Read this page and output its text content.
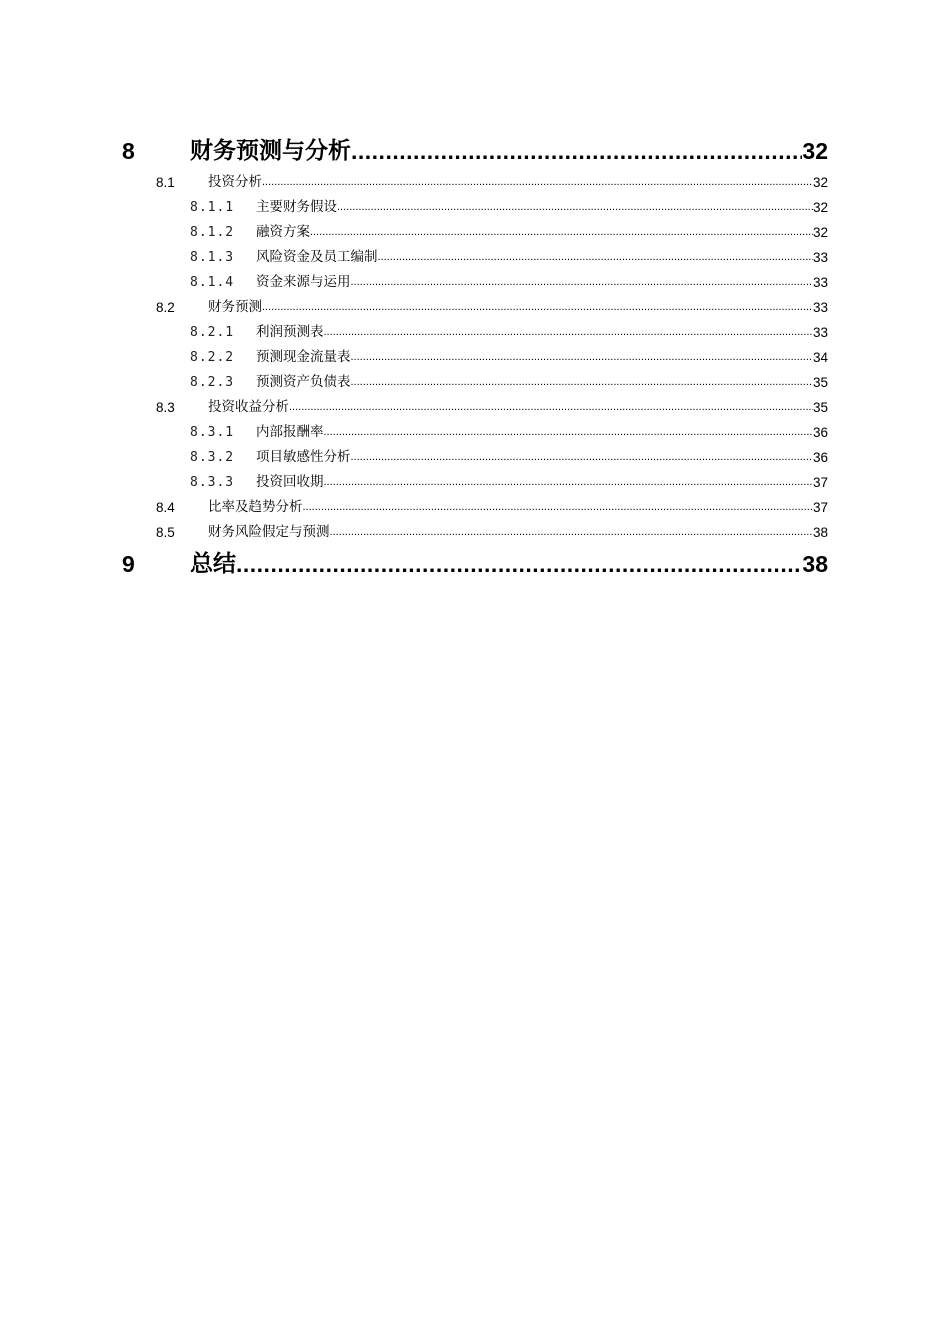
8	财务预测与分析 .....	32
8.1	投资分析 .....	32
8.1.1	主要财务假设 .....	32
8.1.2	融资方案 .....	32
8.1.3	风险资金及员工编制 .....	33
8.1.4	资金来源与运用 .....	33
8.2	财务预测 .....	33
8.2.1	利润预测表 .....	33
8.2.2	预测现金流量表 .....	34
8.2.3	预测资产负债表 .....	35
8.3	投资收益分析 .....	35
8.3.1	内部报酬率 .....	36
8.3.2	项目敏感性分析 .....	36
8.3.3	投资回收期 .....	37
8.4	比率及趋势分析 .....	37
8.5	财务风险假定与预测 .....	38
9	总结 .....	38
